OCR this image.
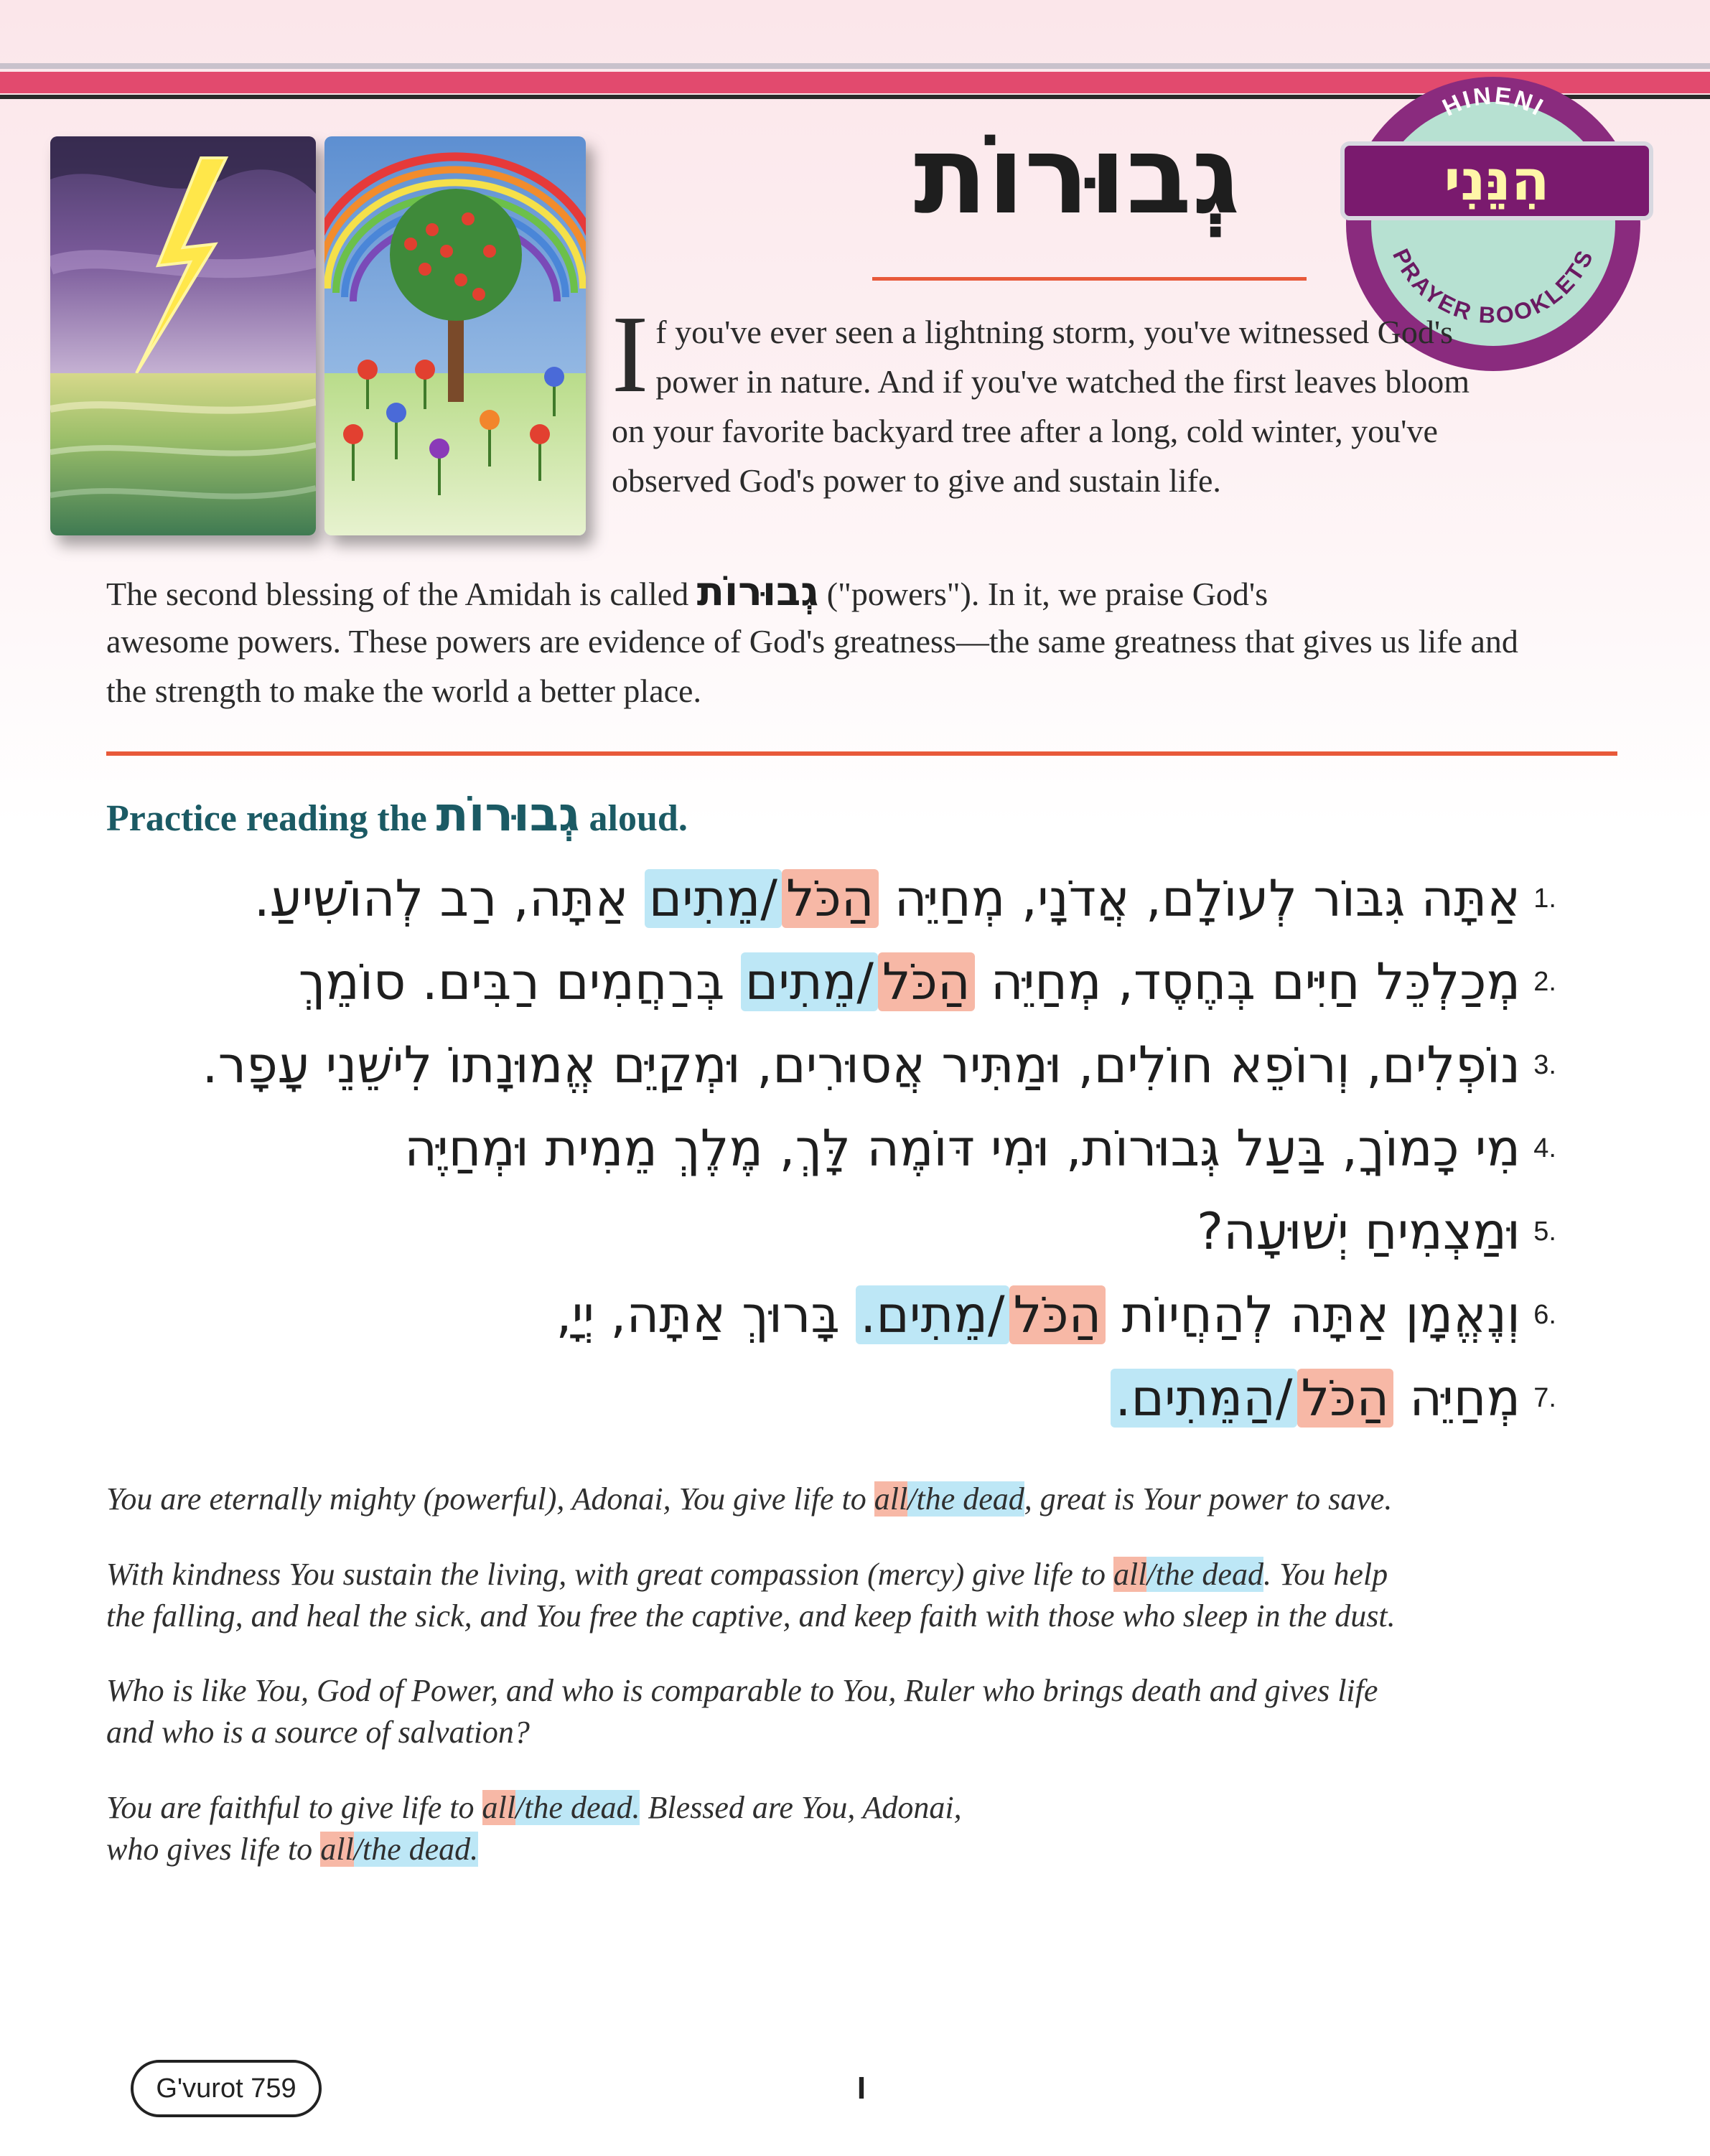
גְבוּרוֹת
HINENI
PRAYER BOOKLETS
הִנֵּנִי
If you've ever seen a lightning storm, you've witnessed God's power in nature. And if you've watched the first leaves bloom on your favorite backyard tree after a long, cold winter, you've observed God's power to give and sustain life.
The second blessing of the Amidah is called גְבוּרוֹת ("powers"). In it, we praise God's
awesome powers. These powers are evidence of God's greatness—the same greatness that gives us life and the strength to make the world a better place.
Practice reading the גְבוּרוֹת aloud.
1.
אַתָּה גִּבּוֹר לְעוֹלָם, אֲדֹנָי, מְחַיֵּה הַכֹּל/מֵתִים אַתָּה, רַב לְהוֹשִׁיעַ.
2.
מְכַלְכֵּל חַיִּים בְּחֶסֶד, מְחַיֵּה הַכֹּל/מֵתִים בְּרַחֲמִים רַבִּים. סוֹמֵךְ
3.
נוֹפְלִים, וְרוֹפֵא חוֹלִים, וּמַתִּיר אֲסוּרִים, וּמְקַיֵּם אֱמוּנָתוֹ לִישֵׁנֵי עָפָר.
4.
מִי כָמוֹךָ, בַּעַל גְּבוּרוֹת, וּמִי דּוֹמֶה לָּךְ, מֶלֶךְ מֵמִית וּמְחַיֶּה
5.
וּמַצְמִיחַ יְשׁוּעָה?
6.
וְנֶאֱמָן אַתָּה לְהַחֲיוֹת הַכֹּל/מֵתִים. בָּרוּךְ אַתָּה, יְיָ,
7.
מְחַיֵּה הַכֹּל/הַמֵּתִים.
You are eternally mighty (powerful), Adonai, You give life to all/the dead, great is Your power to save.
With kindness You sustain the living, with great compassion (mercy) give life to all/the dead. You help
the falling, and heal the sick, and You free the captive, and keep faith with those who sleep in the dust.
Who is like You, God of Power, and who is comparable to You, Ruler who brings death and gives life
and who is a source of salvation?
You are faithful to give life to all/the dead. Blessed are You, Adonai,
who gives life to all/the dead.
G'vurot 759	I
